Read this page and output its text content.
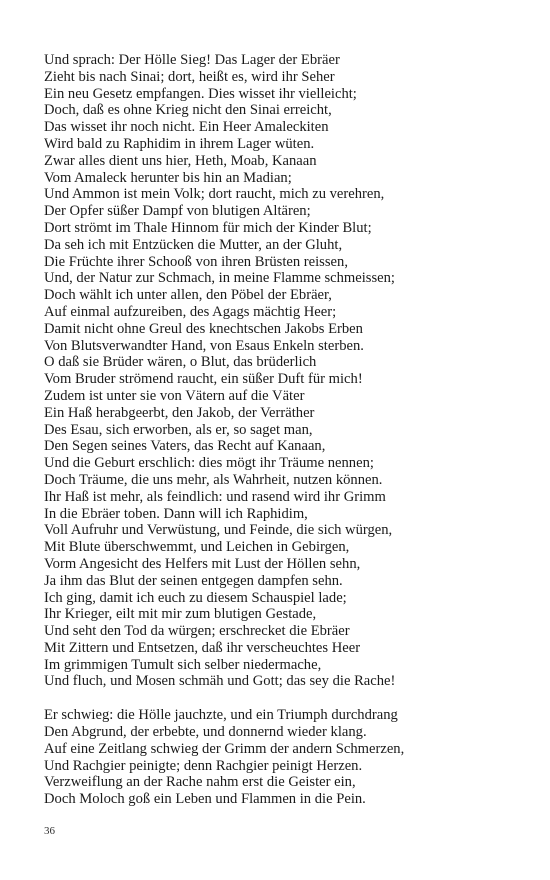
Und sprach: Der Hölle Sieg! Das Lager der Ebräer
Zieht bis nach Sinai; dort, heißt es, wird ihr Seher
Ein neu Gesetz empfangen. Dies wisset ihr vielleicht;
Doch, daß es ohne Krieg nicht den Sinai erreicht,
Das wisset ihr noch nicht. Ein Heer Amaleckiten
Wird bald zu Raphidim in ihrem Lager wüten.
Zwar alles dient uns hier, Heth, Moab, Kanaan
Vom Amaleck herunter bis hin an Madian;
Und Ammon ist mein Volk; dort raucht, mich zu verehren,
Der Opfer süßer Dampf von blutigen Altären;
Dort strömt im Thale Hinnom für mich der Kinder Blut;
Da seh ich mit Entzücken die Mutter, an der Gluht,
Die Früchte ihrer Schooß von ihren Brüsten reissen,
Und, der Natur zur Schmach, in meine Flamme schmeissen;
Doch wählt ich unter allen, den Pöbel der Ebräer,
Auf einmal aufzureiben, des Agags mächtig Heer;
Damit nicht ohne Greul des knechtschen Jakobs Erben
Von Blutsverwandter Hand, von Esaus Enkeln sterben.
O daß sie Brüder wären, o Blut, das brüderlich
Vom Bruder strömend raucht, ein süßer Duft für mich!
Zudem ist unter sie von Vätern auf die Väter
Ein Haß herabgeerbt, den Jakob, der Verräther
Des Esau, sich erworben, als er, so saget man,
Den Segen seines Vaters, das Recht auf Kanaan,
Und die Geburt erschlich: dies mögt ihr Träume nennen;
Doch Träume, die uns mehr, als Wahrheit, nutzen können.
Ihr Haß ist mehr, als feindlich: und rasend wird ihr Grimm
In die Ebräer toben. Dann will ich Raphidim,
Voll Aufruhr und Verwüstung, und Feinde, die sich würgen,
Mit Blute überschwemmt, und Leichen in Gebirgen,
Vorm Angesicht des Helfers mit Lust der Höllen sehn,
Ja ihm das Blut der seinen entgegen dampfen sehn.
Ich ging, damit ich euch zu diesem Schauspiel lade;
Ihr Krieger, eilt mit mir zum blutigen Gestade,
Und seht den Tod da würgen; erschrecket die Ebräer
Mit Zittern und Entsetzen, daß ihr verscheuchtes Heer
Im grimmigen Tumult sich selber niedermache,
Und fluch, und Mosen schmäh und Gott; das sey die Rache!
Er schwieg: die Hölle jauchzte, und ein Triumph durchdrang
Den Abgrund, der erbebte, und donnernd wieder klang.
Auf eine Zeitlang schwieg der Grimm der andern Schmerzen,
Und Rachgier peinigte; denn Rachgier peinigt Herzen.
Verzweiflung an der Rache nahm erst die Geister ein,
Doch Moloch goß ein Leben und Flammen in die Pein.
36
